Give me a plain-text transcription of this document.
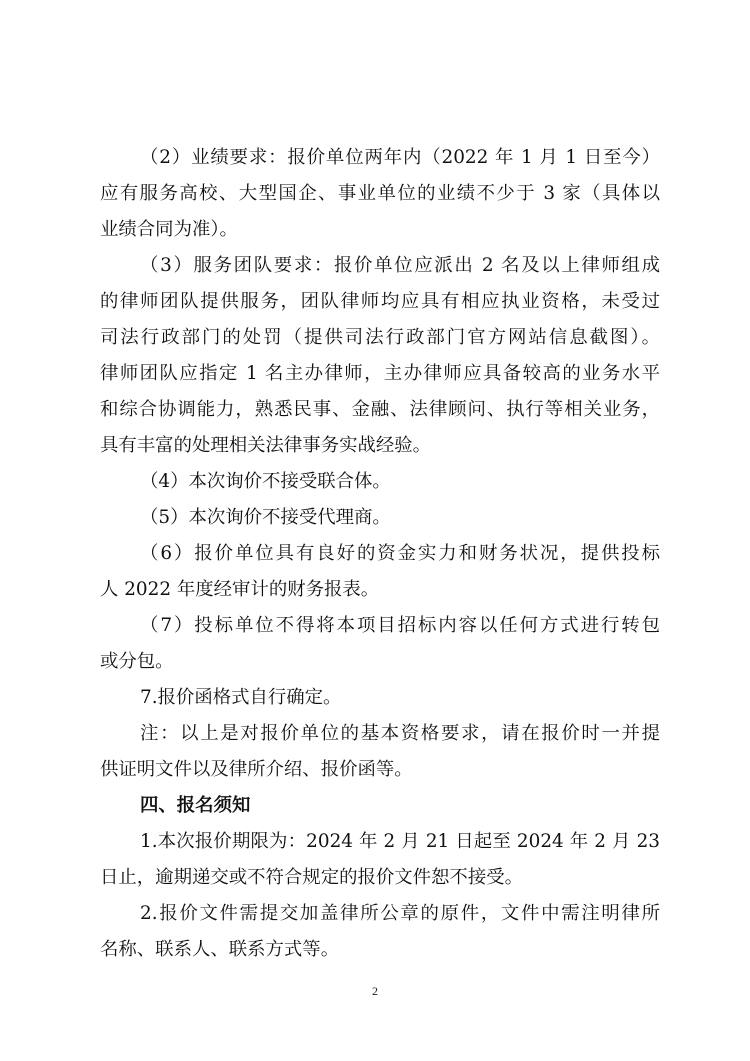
（2）业绩要求：报价单位两年内（2022 年 1 月 1 日至今）
应有服务高校、大型国企、事业单位的业绩不少于 3 家（具体以
业绩合同为准）。
（3）服务团队要求：报价单位应派出 2 名及以上律师组成
的律师团队提供服务，团队律师均应具有相应执业资格，未受过
司法行政部门的处罚（提供司法行政部门官方网站信息截图）。
律师团队应指定 1 名主办律师，主办律师应具备较高的业务水平
和综合协调能力，熟悉民事、金融、法律顾问、执行等相关业务，
具有丰富的处理相关法律事务实战经验。
（4）本次询价不接受联合体。
（5）本次询价不接受代理商。
（6）报价单位具有良好的资金实力和财务状况，提供投标
人 2022 年度经审计的财务报表。
（7）投标单位不得将本项目招标内容以任何方式进行转包
或分包。
7.报价函格式自行确定。
注：以上是对报价单位的基本资格要求，请在报价时一并提
供证明文件以及律所介绍、报价函等。
四、报名须知
1.本次报价期限为：2024 年 2 月 21 日起至 2024 年 2 月 23
日止，逾期递交或不符合规定的报价文件恕不接受。
2.报价文件需提交加盖律所公章的原件，文件中需注明律所
名称、联系人、联系方式等。
2
